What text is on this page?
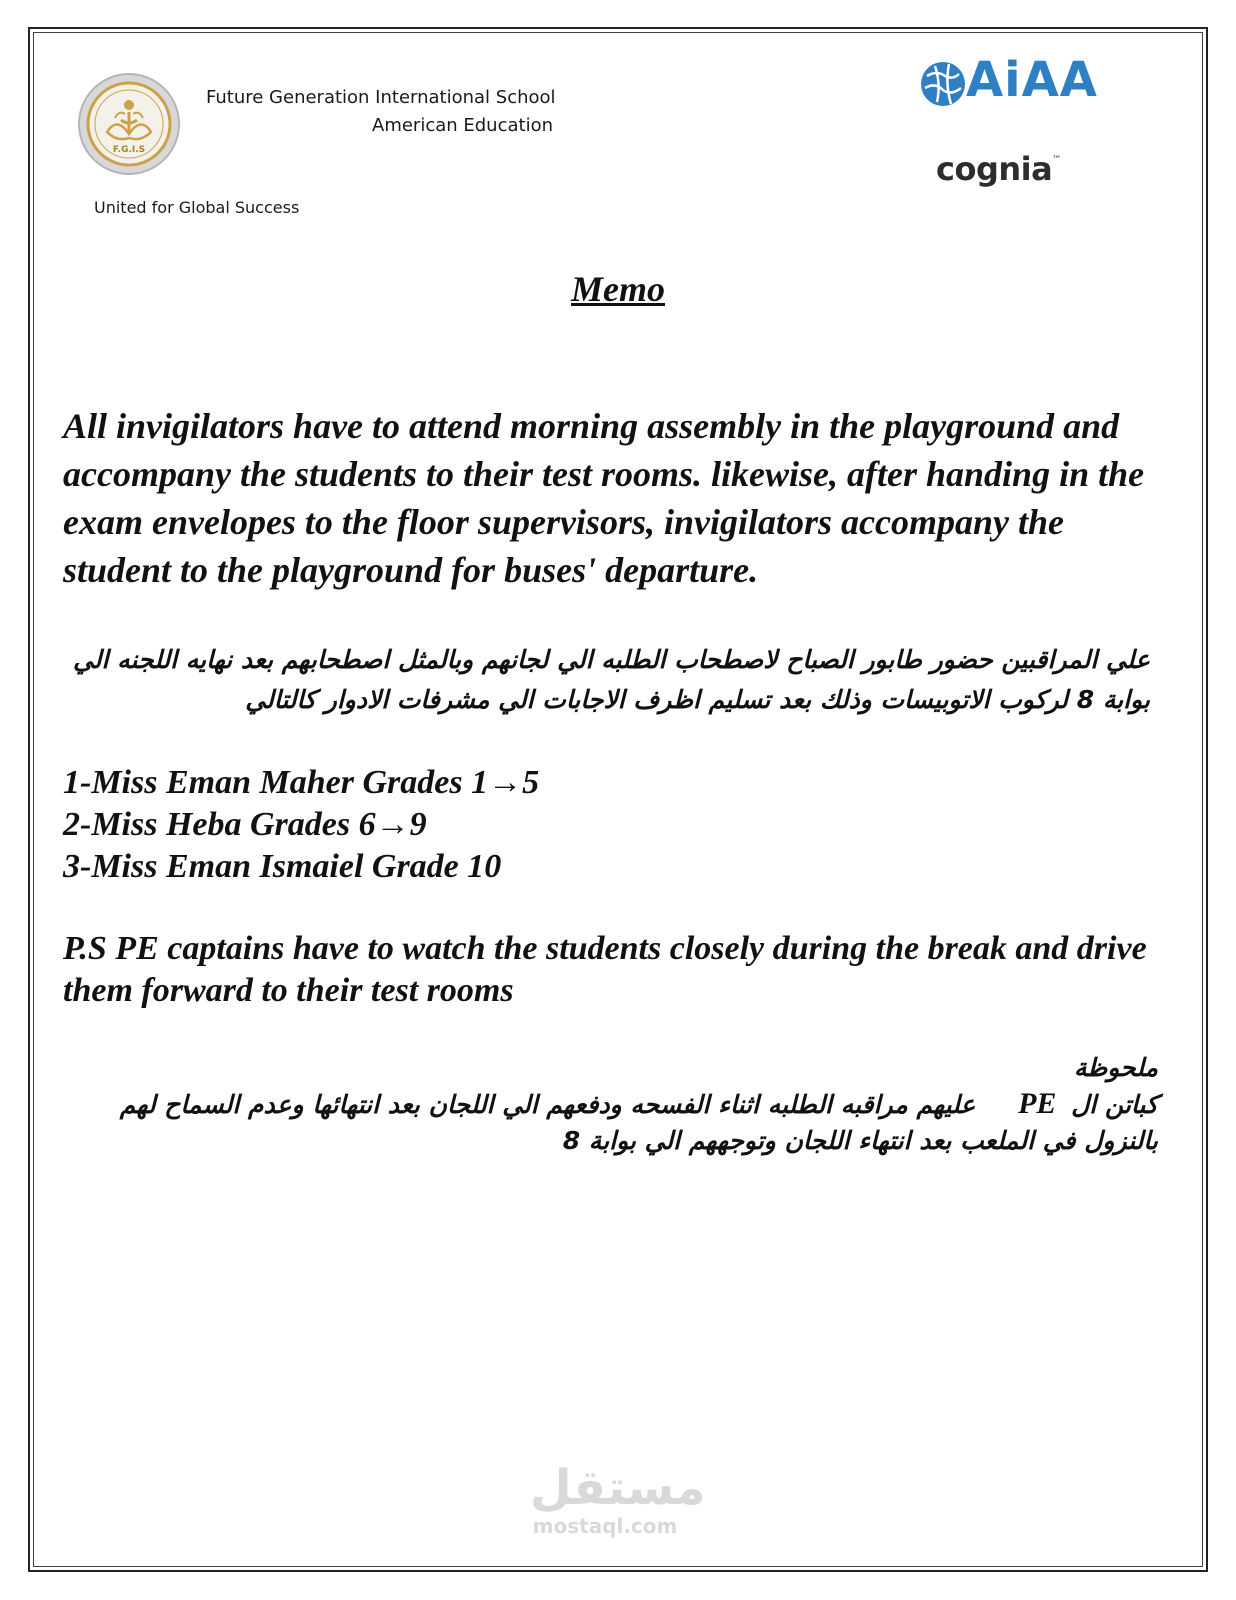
F.G.I.S
Future Generation International School
American Education
United for Global Success
AiAA
cognia™
Memo
All invigilators have to attend morning assembly in the playground and accompany the students to their test rooms. likewise, after handing in the exam envelopes to the floor supervisors, invigilators accompany the student to the playground for buses' departure.
علي المراقبين حضور طابور الصباح لاصطحاب الطلبه الي لجانهم وبالمثل اصطحابهم بعد نهايه اللجنه الي بوابة 8 لركوب الاتوبيسات وذلك بعد تسليم اظرف الاجابات الي مشرفات الادوار كالتالي
1-Miss Eman Maher Grades 1→5
2-Miss Heba Grades 6→9
3-Miss Eman Ismaiel Grade 10
P.S PE captains have to watch the students closely during the break and drive them forward to their test rooms
ملحوظة
كباتن ال PE عليهم مراقبه الطلبه اثناء الفسحه ودفعهم الي اللجان بعد انتهائها وعدم السماح لهم بالنزول في الملعب بعد انتهاء اللجان وتوجههم الي بوابة 8
مستقل
mostaql.com
